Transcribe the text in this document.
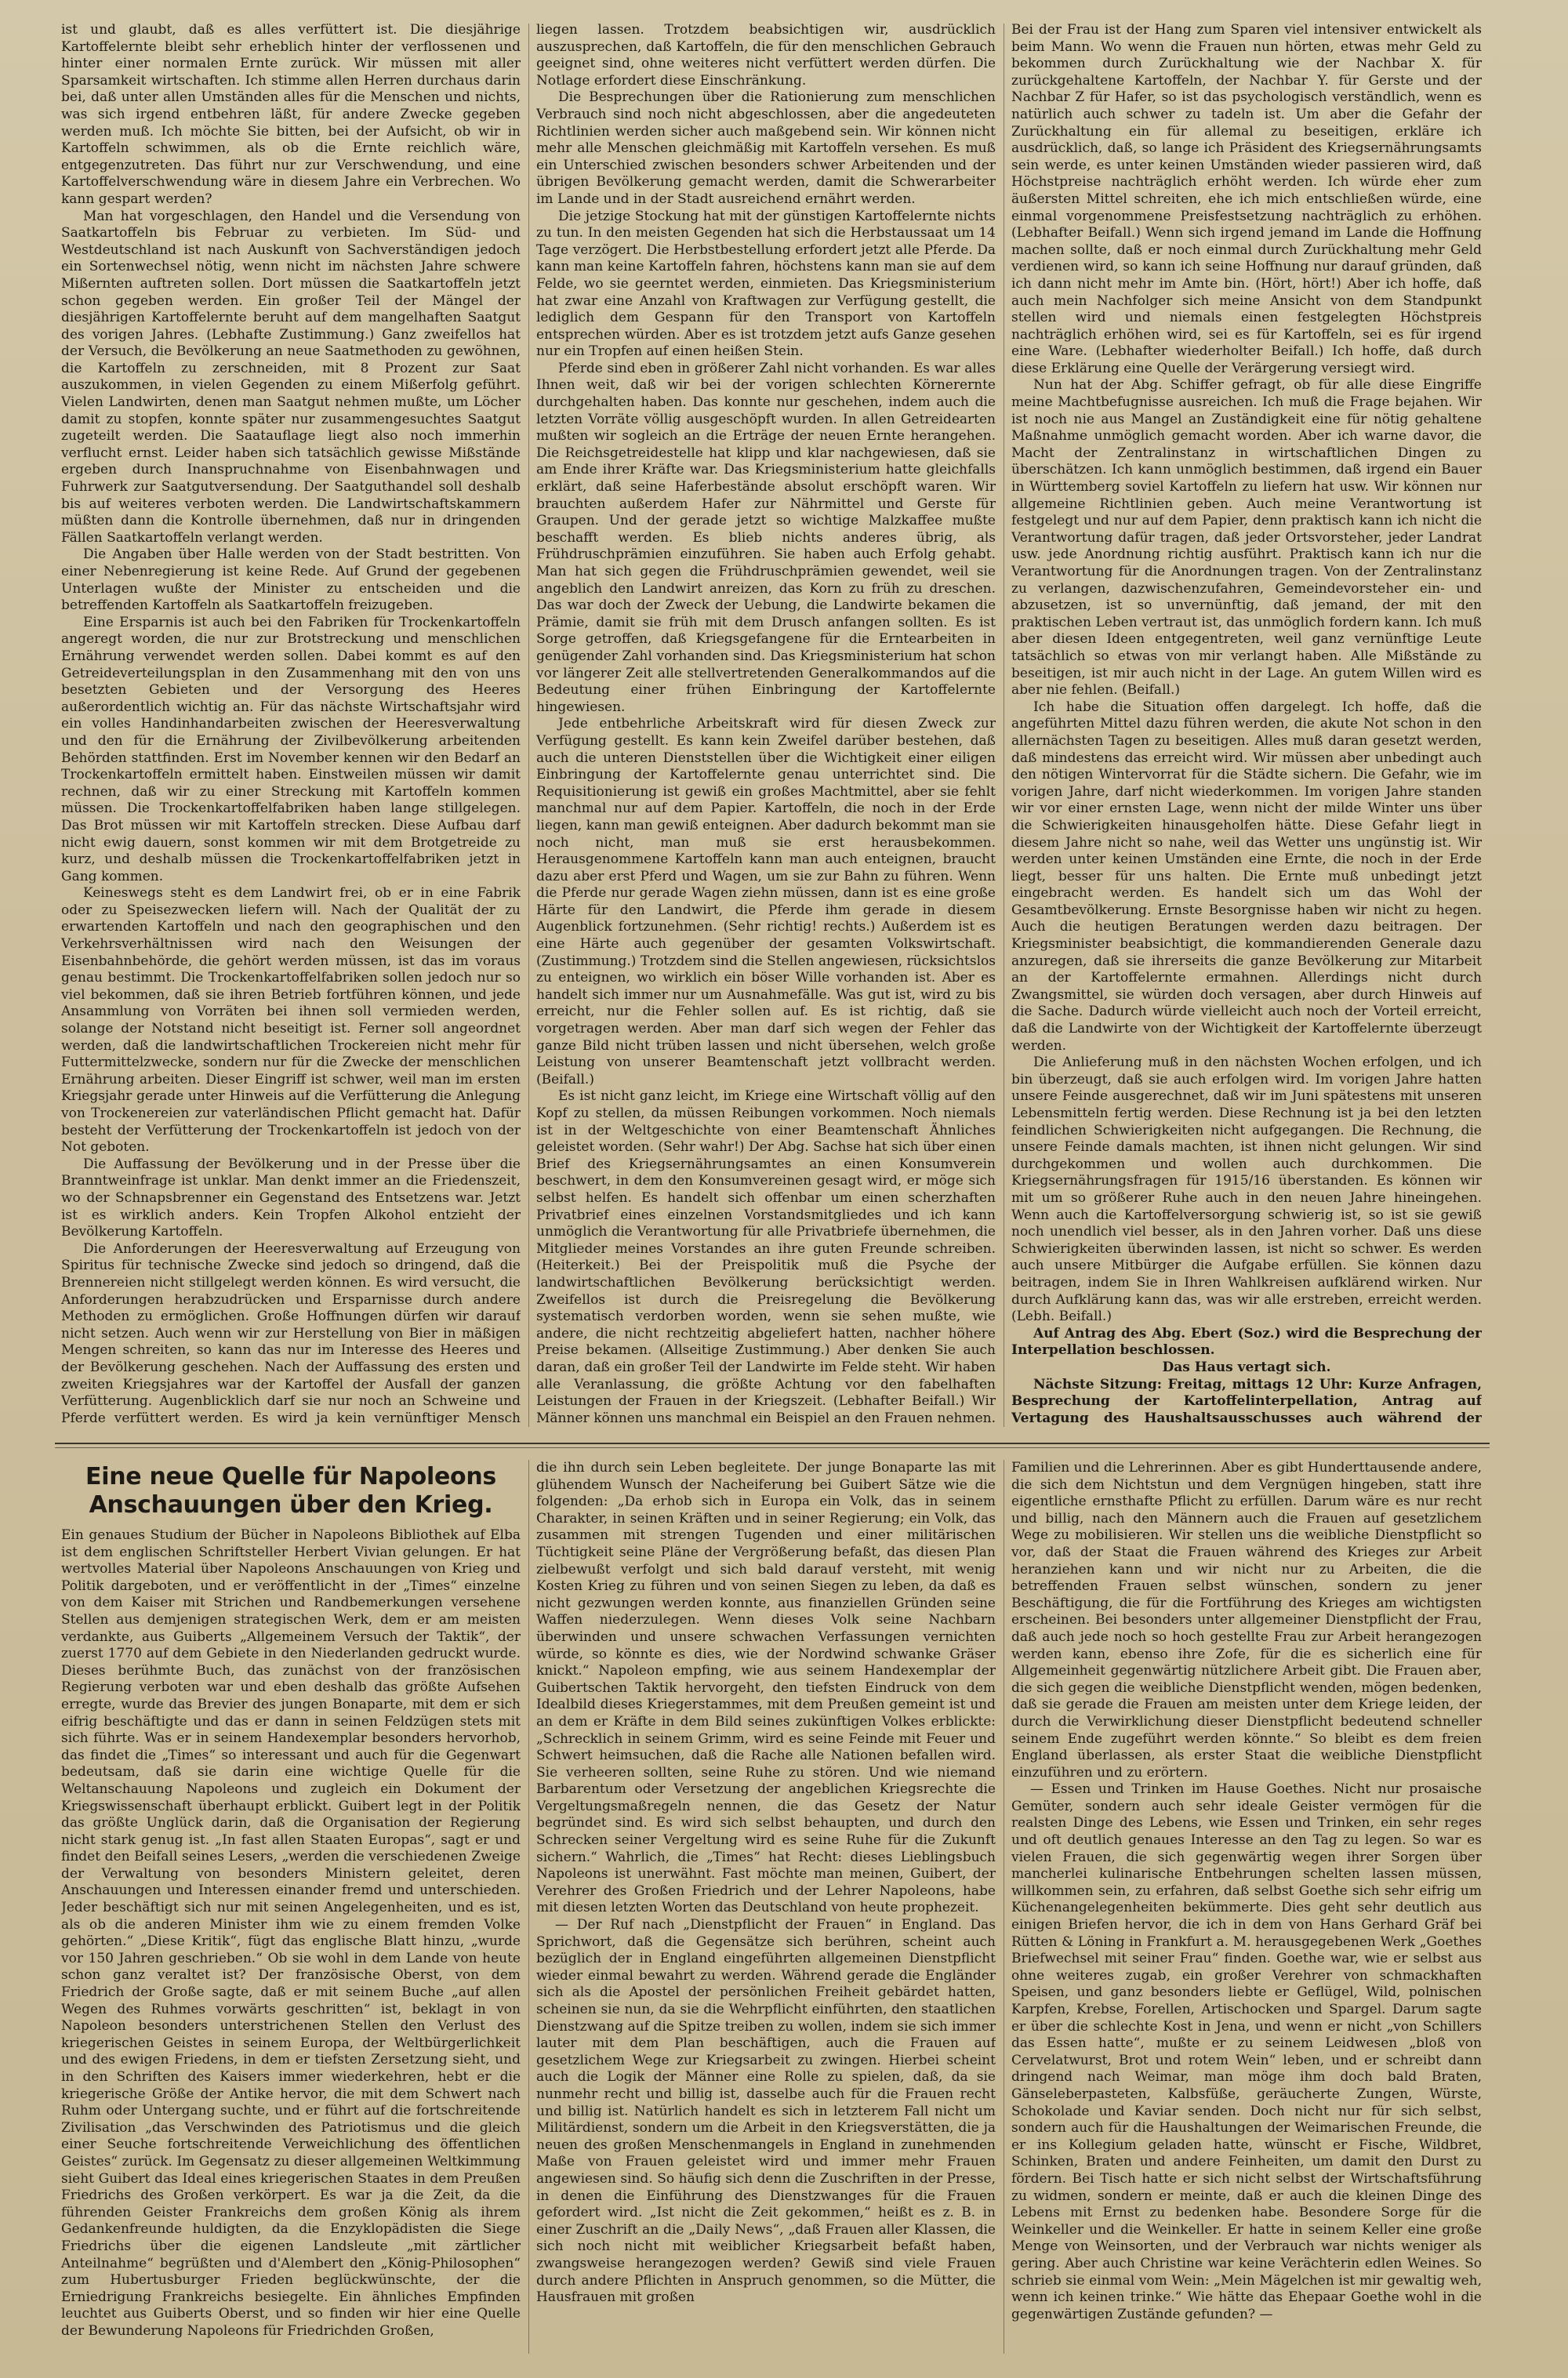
ist und glaubt, daß es alles verfüttert ist. Die diesjährige Kartoffelernte bleibt sehr erheblich hinter der verflossenen und hinter einer normalen Ernte zurück. Wir müssen mit aller Sparsamkeit wirtschaften. Ich stimme allen Herren durchaus darin bei, daß unter allen Umständen alles für die Menschen und nichts, was sich irgend entbehren läßt, für andere Zwecke gegeben werden muß. Ich möchte Sie bitten, bei der Aufsicht, ob wir in Kartoffeln schwimmen, als ob die Ernte reichlich wäre, entgegenzutreten. Das führt nur zur Verschwendung, und eine Kartoffelverschwendung wäre in diesem Jahre ein Verbrechen. Wo kann gespart werden?

Man hat vorgeschlagen, den Handel und die Versendung von Saatkartoffeln bis Februar zu verbieten. Im Süd- und Westdeutschland ist nach Auskunft von Sachverständigen jedoch ein Sortenwechsel nötig, wenn nicht im nächsten Jahre schwere Mißernten auftreten sollen. Dort müssen die Saatkartoffeln jetzt schon gegeben werden. Ein großer Teil der Mängel der diesjährigen Kartoffelernte beruht auf dem mangelhaften Saatgut des vorigen Jahres. (Lebhafte Zustimmung.) Ganz zweifellos hat der Versuch, die Bevölkerung an neue Saatmethoden zu gewöhnen, die Kartoffeln zu zerschneiden, mit 8 Prozent zur Saat auszukommen, in vielen Gegenden zu einem Mißerfolg geführt. Vielen Landwirten, denen man Saatgut nehmen mußte, um Löcher damit zu stopfen, konnte später nur zusammengesuchtes Saatgut zugeteilt werden. Die Saatauflage liegt also noch immerhin verflucht ernst. Leider haben sich tatsächlich gewisse Mißstände ergeben durch Inanspruchnahme von Eisenbahnwagen und Fuhrwerk zur Saatgutversendung. Der Saatguthandel soll deshalb bis auf weiteres verboten werden. Die Landwirtschaftskammern müßten dann die Kontrolle übernehmen, daß nur in dringenden Fällen Saatkartoffeln verlangt werden.

Die Angaben über Halle werden von der Stadt bestritten. Von einer Nebenregierung ist keine Rede. Auf Grund der gegebenen Unterlagen wußte der Minister zu entscheiden und die betreffenden Kartoffeln als Saatkartoffeln freizugeben.

Eine Ersparnis ist auch bei den Fabriken für Trockenkartoffeln angeregt worden, die nur zur Brotstreckung und menschlichen Ernährung verwendet werden sollen. Dabei kommt es auf den Getreideverteilungsplan in den Zusammenhang mit den von uns besetzten Gebieten und der Versorgung des Heeres außerordentlich wichtig an. Für das nächste Wirtschaftsjahr wird ein volles Handinhandarbeiten zwischen der Heeresverwaltung und den für die Ernährung der Zivilbevölkerung arbeitenden Behörden stattfinden. Erst im November kennen wir den Bedarf an Trockenkartoffeln ermittelt haben. Einstweilen müssen wir damit rechnen, daß wir zu einer Streckung mit Kartoffeln kommen müssen. Die Trockenkartoffelfabriken haben lange stillgelegen. Das Brot müssen wir mit Kartoffeln strecken. Diese Aufbau darf nicht ewig dauern, sonst kommen wir mit dem Brotgetreide zu kurz, und deshalb müssen die Trockenkartoffelfabriken jetzt in Gang kommen.

Keineswegs steht es dem Landwirt frei, ob er in eine Fabrik oder zu Speisezwecken liefern will. Nach der Qualität der zu erwartenden Kartoffeln und nach den geographischen und den Verkehrsverhältnissen wird nach den Weisungen der Eisenbahnbehörde, die gehört werden müssen, ist das im voraus genau bestimmt. Die Trockenkartoffelfabriken sollen jedoch nur so viel bekommen, daß sie ihren Betrieb fortführen können, und jede Ansammlung von Vorräten bei ihnen soll vermieden werden, solange der Notstand nicht beseitigt ist. Ferner soll angeordnet werden, daß die landwirtschaftlichen Trockereien nicht mehr für Futtermittelzwecke, sondern nur für die Zwecke der menschlichen Ernährung arbeiten. Dieser Eingriff ist schwer, weil man im ersten Kriegsjahr gerade unter Hinweis auf die Verfütterung die Anlegung von Trockenereien zur vaterländischen Pflicht gemacht hat. Dafür besteht der Verfütterung der Trockenkartoffeln ist jedoch von der Not geboten.

Die Auffassung der Bevölkerung und in der Presse über die Branntweinfrage ist unklar. Man denkt immer an die Friedenszeit, wo der Schnapsbrenner ein Gegenstand des Entsetzens war. Jetzt ist es wirklich anders. Kein Tropfen Alkohol entzieht der Bevölkerung Kartoffeln.

Die Anforderungen der Heeresverwaltung auf Erzeugung von Spiritus für technische Zwecke sind jedoch so dringend, daß die Brennereien nicht stillgelegt werden können. Es wird versucht, die Anforderungen herabzudrücken und Ersparnisse durch andere Methoden zu ermöglichen. Große Hoffnungen dürfen wir darauf nicht setzen. Auch wenn wir zur Herstellung von Bier in mäßigen Mengen schreiten, so kann das nur im Interesse des Heeres und der Bevölkerung geschehen. Nach der Auffassung des ersten und zweiten Kriegsjahres war der Kartoffel der Ausfall der ganzen Verfütterung. Augenblicklich darf sie nur noch an Schweine und Pferde verfüttert werden. Es wird ja kein vernünftiger Mensch

liegen lassen. Trotzdem beabsichtigen wir, ausdrücklich auszusprechen, daß Kartoffeln, die für den menschlichen Gebrauch geeignet sind, ohne weiteres nicht verfüttert werden dürfen. Die Notlage erfordert diese Einschränkung.

Die Besprechungen über die Rationierung zum menschlichen Verbrauch sind noch nicht abgeschlossen, aber die angedeuteten Richtlinien werden sicher auch maßgebend sein. Wir können nicht mehr alle Menschen gleichmäßig mit Kartoffeln versehen. Es muß ein Unterschied zwischen besonders schwer Arbeitenden und der übrigen Bevölkerung gemacht werden, damit die Schwerarbeiter im Lande und in der Stadt ausreichend ernährt werden.

Die jetzige Stockung hat mit der günstigen Kartoffelernte nichts zu tun. In den meisten Gegenden hat sich die Herbstaussaat um 14 Tage verzögert. Die Herbstbestellung erfordert jetzt alle Pferde. Da kann man keine Kartoffeln fahren, höchstens kann man sie auf dem Felde, wo sie geerntet werden, einmieten. Das Kriegsministerium hat zwar eine Anzahl von Kraftwagen zur Verfügung gestellt, die lediglich dem Gespann für den Transport von Kartoffeln entsprechen würden. Aber es ist trotzdem jetzt aufs Ganze gesehen nur ein Tropfen auf einen heißen Stein.

Pferde sind eben in größerer Zahl nicht vorhanden. Es war alles Ihnen weit, daß wir bei der vorigen schlechten Körnerernte durchgehalten haben. Das konnte nur geschehen, indem auch die letzten Vorräte völlig ausgeschöpft wurden. In allen Getreidearten mußten wir sogleich an die Erträge der neuen Ernte herangehen. Die Reichsgetreidestelle hat klipp und klar nachgewiesen, daß sie am Ende ihrer Kräfte war. Das Kriegsministerium hatte gleichfalls erklärt, daß seine Haferbestände absolut erschöpft waren. Wir brauchten außerdem Hafer zur Nährmittel und Gerste für Graupen. Und der gerade jetzt so wichtige Malzkaffee mußte beschafft werden. Es blieb nichts anderes übrig, als Frühdruschprämien einzuführen. Sie haben auch Erfolg gehabt. Man hat sich gegen die Frühdruschprämien gewendet, weil sie angeblich den Landwirt anreizen, das Korn zu früh zu dreschen. Das war doch der Zweck der Uebung, die Landwirte bekamen die Prämie, damit sie früh mit dem Drusch anfangen sollten. Es ist Sorge getroffen, daß Kriegsgefangene für die Erntearbeiten in genügender Zahl vorhanden sind. Das Kriegsministerium hat schon vor längerer Zeit alle stellvertretenden Generalkommandos auf die Bedeutung einer frühen Einbringung der Kartoffelernte hingewiesen.

Jede entbehrliche Arbeitskraft wird für diesen Zweck zur Verfügung gestellt. Es kann kein Zweifel darüber bestehen, daß auch die unteren Dienststellen über die Wichtigkeit einer eiligen Einbringung der Kartoffelernte genau unterrichtet sind. Die Requisitionierung ist gewiß ein großes Machtmittel, aber sie fehlt manchmal nur auf dem Papier. Kartoffeln, die noch in der Erde liegen, kann man gewiß enteignen. Aber dadurch bekommt man sie noch nicht, man muß sie erst herausbekommen. Herausgenommene Kartoffeln kann man auch enteignen, braucht dazu aber erst Pferd und Wagen, um sie zur Bahn zu führen. Wenn die Pferde nur gerade Wagen ziehn müssen, dann ist es eine große Härte für den Landwirt, die Pferde ihm gerade in diesem Augenblick fortzunehmen. (Sehr richtig! rechts.) Außerdem ist es eine Härte auch gegenüber der gesamten Volkswirtschaft. (Zustimmung.) Trotzdem sind die Stellen angewiesen, rücksichtslos zu enteignen, wo wirklich ein böser Wille vorhanden ist. Aber es handelt sich immer nur um Ausnahmefälle. Was gut ist, wird zu bis erreicht, nur die Fehler sollen auf. Es ist richtig, daß sie vorgetragen werden. Aber man darf sich wegen der Fehler das ganze Bild nicht trüben lassen und nicht übersehen, welch große Leistung von unserer Beamtenschaft jetzt vollbracht werden. (Beifall.)

Es ist nicht ganz leicht, im Kriege eine Wirtschaft völlig auf den Kopf zu stellen, da müssen Reibungen vorkommen. Noch niemals ist in der Weltgeschichte von einer Beamtenschaft Ähnliches geleistet worden. (Sehr wahr!) Der Abg. Sachse hat sich über einen Brief des Kriegsernährungsamtes an einen Konsumverein beschwert, in dem den Konsumvereinen gesagt wird, er möge sich selbst helfen. Es handelt sich offenbar um einen scherzhaften Privatbrief eines einzelnen Vorstandsmitgliedes und ich kann unmöglich die Verantwortung für alle Privatbriefe übernehmen, die Mitglieder meines Vorstandes an ihre guten Freunde schreiben. (Heiterkeit.) Bei der Preispolitik muß die Psyche der landwirtschaftlichen Bevölkerung berücksichtigt werden. Zweifellos ist durch die Preisregelung die Bevölkerung systematisch verdorben worden, wenn sie sehen mußte, wie andere, die nicht rechtzeitig abgeliefert hatten, nachher höhere Preise bekamen. (Allseitige Zustimmung.) Aber denken Sie auch daran, daß ein großer Teil der Landwirte im Felde steht. Wir haben alle Veranlassung, die größte Achtung vor den fabelhaften Leistungen der Frauen in der Kriegszeit. (Lebhafter Beifall.) Wir Männer können uns manchmal ein Beispiel an den Frauen nehmen.

Bei der Frau ist der Hang zum Sparen viel intensiver entwickelt als beim Mann. Wo wenn die Frauen nun hörten, etwas mehr Geld zu bekommen durch Zurückhaltung wie der Nachbar X. für zurückgehaltene Kartoffeln, der Nachbar Y. für Gerste und der Nachbar Z für Hafer, so ist das psychologisch verständlich, wenn es natürlich auch schwer zu tadeln ist. Um aber die Gefahr der Zurückhaltung ein für allemal zu beseitigen, erkläre ich ausdrücklich, daß, so lange ich Präsident des Kriegsernährungsamts sein werde, es unter keinen Umständen wieder passieren wird, daß Höchstpreise nachträglich erhöht werden. Ich würde eher zum äußersten Mittel schreiten, ehe ich mich entschließen würde, eine einmal vorgenommene Preisfestsetzung nachträglich zu erhöhen. (Lebhafter Beifall.) Wenn sich irgend jemand im Lande die Hoffnung machen sollte, daß er noch einmal durch Zurückhaltung mehr Geld verdienen wird, so kann ich seine Hoffnung nur darauf gründen, daß ich dann nicht mehr im Amte bin. (Hört, hört!) Aber ich hoffe, daß auch mein Nachfolger sich meine Ansicht von dem Standpunkt stellen wird und niemals einen festgelegten Höchstpreis nachträglich erhöhen wird, sei es für Kartoffeln, sei es für irgend eine Ware. (Lebhafter wiederholter Beifall.) Ich hoffe, daß durch diese Erklärung eine Quelle der Verärgerung versiegt wird.

Nun hat der Abg. Schiffer gefragt, ob für alle diese Eingriffe meine Machtbefugnisse ausreichen. Ich muß die Frage bejahen. Wir ist noch nie aus Mangel an Zuständigkeit eine für nötig gehaltene Maßnahme unmöglich gemacht worden. Aber ich warne davor, die Macht der Zentralinstanz in wirtschaftlichen Dingen zu überschätzen. Ich kann unmöglich bestimmen, daß irgend ein Bauer in Württemberg soviel Kartoffeln zu liefern hat usw. Wir können nur allgemeine Richtlinien geben. Auch meine Verantwortung ist festgelegt und nur auf dem Papier, denn praktisch kann ich nicht die Verantwortung dafür tragen, daß jeder Ortsvorsteher, jeder Landrat usw. jede Anordnung richtig ausführt. Praktisch kann ich nur die Verantwortung für die Anordnungen tragen. Von der Zentralinstanz zu verlangen, dazwischenzufahren, Gemeindevorsteher ein- und abzusetzen, ist so unvernünftig, daß jemand, der mit den praktischen Leben vertraut ist, das unmöglich fordern kann. Ich muß aber diesen Ideen entgegentreten, weil ganz vernünftige Leute tatsächlich so etwas von mir verlangt haben. Alle Mißstände zu beseitigen, ist mir auch nicht in der Lage. An gutem Willen wird es aber nie fehlen. (Beifall.)

Ich habe die Situation offen dargelegt. Ich hoffe, daß die angeführten Mittel dazu führen werden, die akute Not schon in den allernächsten Tagen zu beseitigen. Alles muß daran gesetzt werden, daß mindestens das erreicht wird. Wir müssen aber unbedingt auch den nötigen Wintervorrat für die Städte sichern. Die Gefahr, wie im vorigen Jahre, darf nicht wiederkommen. Im vorigen Jahre standen wir vor einer ernsten Lage, wenn nicht der milde Winter uns über die Schwierigkeiten hinausgeholfen hätte. Diese Gefahr liegt in diesem Jahre nicht so nahe, weil das Wetter uns ungünstig ist. Wir werden unter keinen Umständen eine Ernte, die noch in der Erde liegt, besser für uns halten. Die Ernte muß unbedingt jetzt eingebracht werden. Es handelt sich um das Wohl der Gesamtbevölkerung. Ernste Besorgnisse haben wir nicht zu hegen. Auch die heutigen Beratungen werden dazu beitragen. Der Kriegsminister beabsichtigt, die kommandierenden Generale dazu anzuregen, daß sie ihrerseits die ganze Bevölkerung zur Mitarbeit an der Kartoffelernte ermahnen. Allerdings nicht durch Zwangsmittel, sie würden doch versagen, aber durch Hinweis auf die Sache. Dadurch würde vielleicht auch noch der Vorteil erreicht, daß die Landwirte von der Wichtigkeit der Kartoffelernte überzeugt werden.

Die Anlieferung muß in den nächsten Wochen erfolgen, und ich bin überzeugt, daß sie auch erfolgen wird. Im vorigen Jahre hatten unsere Feinde ausgerechnet, daß wir im Juni spätestens mit unseren Lebensmitteln fertig werden. Diese Rechnung ist ja bei den letzten feindlichen Schwierigkeiten nicht aufgegangen. Die Rechnung, die unsere Feinde damals machten, ist ihnen nicht gelungen. Wir sind durchgekommen und wollen auch durchkommen. Die Kriegsernährungsfragen für 1915/16 überstanden. Es können wir mit um so größerer Ruhe auch in den neuen Jahre hineingehen. Wenn auch die Kartoffelversorgung schwierig ist, so ist sie gewiß noch unendlich viel besser, als in den Jahren vorher. Daß uns diese Schwierigkeiten überwinden lassen, ist nicht so schwer. Es werden auch unsere Mitbürger die Aufgabe erfüllen. Sie können dazu beitragen, indem Sie in Ihren Wahlkreisen aufklärend wirken. Nur durch Aufklärung kann das, was wir alle erstreben, erreicht werden. (Lebh. Beifall.)

Auf Antrag des Abg. Ebert (Soz.) wird die Besprechung der Interpellation beschlossen.

Das Haus vertagt sich.

Nächste Sitzung: Freitag, mittags 12 Uhr: Kurze Anfragen, Besprechung der Kartoffelinterpellation, Antrag auf Vertagung des Haushaltsausschusses auch während der

Eine neue Quelle für Napoleons Anschauungen über den Krieg.

Ein genaues Studium der Bücher in Napoleons Bibliothek auf Elba ist dem englischen Schriftsteller Herbert Vivian gelungen. Er hat wertvolles Material über Napoleons Anschauungen von Krieg und Politik dargeboten, und er veröffentlicht in der „Times“ einzelne von dem Kaiser mit Strichen und Randbemerkungen versehene Stellen aus demjenigen strategischen Werk, dem er am meisten verdankte, aus Guiberts „Allgemeinem Versuch der Taktik“, der zuerst 1770 auf dem Gebiete in den Niederlanden gedruckt wurde. Dieses berühmte Buch, das zunächst von der französischen Regierung verboten war und eben deshalb das größte Aufsehen erregte, wurde das Brevier des jungen Bonaparte, mit dem er sich eifrig beschäftigte und das er dann in seinen Feldzügen stets mit sich führte. Was er in seinem Handexemplar besonders hervorhob, das findet die „Times“ so interessant und auch für die Gegenwart bedeutsam, daß sie darin eine wichtige Quelle für die Weltanschauung Napoleons und zugleich ein Dokument der Kriegswissenschaft überhaupt erblickt. Guibert legt in der Politik das größte Unglück darin, daß die Organisation der Regierung nicht stark genug ist. „In fast allen Staaten Europas“, sagt er und findet den Beifall seines Lesers, „werden die verschiedenen Zweige der Verwaltung von besonders Ministern geleitet, deren Anschauungen und Interessen einander fremd und unterschieden. Jeder beschäftigt sich nur mit seinen Angelegenheiten, und es ist, als ob die anderen Minister ihm wie zu einem fremden Volke gehörten.“ „Diese Kritik“, fügt das englische Blatt hinzu, „wurde vor 150 Jahren geschrieben.“ Ob sie wohl in dem Lande von heute schon ganz veraltet ist? Der französische Oberst, von dem Friedrich der Große sagte, daß er mit seinem Buche „auf allen Wegen des Ruhmes vorwärts geschritten“ ist, beklagt in von Napoleon besonders unterstrichenen Stellen den Verlust des kriegerischen Geistes in seinem Europa, der Weltbürgerlichkeit und des ewigen Friedens, in dem er tiefsten Zersetzung sieht, und in den Schriften des Kaisers immer wiederkehren, hebt er die kriegerische Größe der Antike hervor, die mit dem Schwert nach Ruhm oder Untergang suchte, und er führt auf die fortschreitende Zivilisation „das Verschwinden des Patriotismus und die gleich einer Seuche fortschreitende Verweichlichung des öffentlichen Geistes“ zurück. Im Gegensatz zu dieser allgemeinen Weltkimmung sieht Guibert das Ideal eines kriegerischen Staates in dem Preußen Friedrichs des Großen verkörpert. Es war ja die Zeit, da die führenden Geister Frankreichs dem großen König als ihrem Gedankenfreunde huldigten, da die Enzyklopädisten die Siege Friedrichs über die eigenen Landsleute „mit zärtlicher Anteilnahme“ begrüßten und d'Alembert den „König-Philosophen“ zum Hubertusburger Frieden beglückwünschte, der die Erniedrigung Frankreichs besiegelte. Ein ähnliches Empfinden leuchtet aus Guiberts Oberst, und so finden wir hier eine Quelle der Bewunderung Napoleons für Friedrichden Großen,

die ihn durch sein Leben begleitete. Der junge Bonaparte las mit glühendem Wunsch der Nacheiferung bei Guibert Sätze wie die folgenden: „Da erhob sich in Europa ein Volk, das in seinem Charakter, in seinen Kräften und in seiner Regierung; ein Volk, das zusammen mit strengen Tugenden und einer militärischen Tüchtigkeit seine Pläne der Vergrößerung befaßt, das diesen Plan zielbewußt verfolgt und sich bald darauf versteht, mit wenig Kosten Krieg zu führen und von seinen Siegen zu leben, da daß es nicht gezwungen werden konnte, aus finanziellen Gründen seine Waffen niederzulegen. Wenn dieses Volk seine Nachbarn überwinden und unsere schwachen Verfassungen vernichten würde, so könnte es dies, wie der Nordwind schwanke Gräser knickt.“ Napoleon empfing, wie aus seinem Handexemplar der Guibertschen Taktik hervorgeht, den tiefsten Eindruck von dem Idealbild dieses Kriegerstammes, mit dem Preußen gemeint ist und an dem er Kräfte in dem Bild seines zukünftigen Volkes erblickte: „Schrecklich in seinem Grimm, wird es seine Feinde mit Feuer und Schwert heimsuchen, daß die Rache alle Nationen befallen wird. Sie verheeren sollten, seine Ruhe zu stören. Und wie niemand Barbarentum oder Versetzung der angeblichen Kriegsrechte die Vergeltungsmaßregeln nennen, die das Gesetz der Natur begründet sind. Es wird sich selbst behaupten, und durch den Schrecken seiner Vergeltung wird es seine Ruhe für die Zukunft sichern.“ Wahrlich, die „Times“ hat Recht: dieses Lieblingsbuch Napoleons ist unerwähnt. Fast möchte man meinen, Guibert, der Verehrer des Großen Friedrich und der Lehrer Napoleons, habe mit diesen letzten Worten das Deutschland von heute prophezeit.

— Der Ruf nach „Dienstpflicht der Frauen“ in England. Das Sprichwort, daß die Gegensätze sich berühren, scheint auch bezüglich der in England eingeführten allgemeinen Dienstpflicht wieder einmal bewahrt zu werden. Während gerade die Engländer sich als die Apostel der persönlichen Freiheit gebärdet hatten, scheinen sie nun, da sie die Wehrpflicht einführten, den staatlichen Dienstzwang auf die Spitze treiben zu wollen, indem sie sich immer lauter mit dem Plan beschäftigen, auch die Frauen auf gesetzlichem Wege zur Kriegsarbeit zu zwingen. Hierbei scheint auch die Logik der Männer eine Rolle zu spielen, daß, da sie nunmehr recht und billig ist, dasselbe auch für die Frauen recht und billig ist. Natürlich handelt es sich in letzterem Fall nicht um Militärdienst, sondern um die Arbeit in den Kriegsverstätten, die ja neuen des großen Menschenmangels in England in zunehmenden Maße von Frauen geleistet wird und immer mehr Frauen angewiesen sind. So häufig sich denn die Zuschriften in der Presse, in denen die Einführung des Dienstzwanges für die Frauen gefordert wird. „Ist nicht die Zeit gekommen,“ heißt es z. B. in einer Zuschrift an die „Daily News“, „daß Frauen aller Klassen, die sich noch nicht mit weiblicher Kriegsarbeit befaßt haben, zwangsweise herangezogen werden? Gewiß sind viele Frauen durch andere Pflichten in Anspruch genommen, so die Mütter, die Hausfrauen mit großen

Familien und die Lehrerinnen. Aber es gibt Hunderttausende andere, die sich dem Nichtstun und dem Vergnügen hingeben, statt ihre eigentliche ernsthafte Pflicht zu erfüllen. Darum wäre es nur recht und billig, nach den Männern auch die Frauen auf gesetzlichem Wege zu mobilisieren. Wir stellen uns die weibliche Dienstpflicht so vor, daß der Staat die Frauen während des Krieges zur Arbeit heranziehen kann und wir nicht nur zu Arbeiten, die die betreffenden Frauen selbst wünschen, sondern zu jener Beschäftigung, die für die Fortführung des Krieges am wichtigsten erscheinen. Bei besonders unter allgemeiner Dienstpflicht der Frau, daß auch jede noch so hoch gestellte Frau zur Arbeit herangezogen werden kann, ebenso ihre Zofe, für die es sicherlich eine für Allgemeinheit gegenwärtig nützlichere Arbeit gibt. Die Frauen aber, die sich gegen die weibliche Dienstpflicht wenden, mögen bedenken, daß sie gerade die Frauen am meisten unter dem Kriege leiden, der durch die Verwirklichung dieser Dienstpflicht bedeutend schneller seinem Ende zugeführt werden könnte.“ So bleibt es dem freien England überlassen, als erster Staat die weibliche Dienstpflicht einzuführen und zu erörtern.

— Essen und Trinken im Hause Goethes. Nicht nur prosaische Gemüter, sondern auch sehr ideale Geister vermögen für die realsten Dinge des Lebens, wie Essen und Trinken, ein sehr reges und oft deutlich genaues Interesse an den Tag zu legen. So war es vielen Frauen, die sich gegenwärtig wegen ihrer Sorgen über mancherlei kulinarische Entbehrungen schelten lassen müssen, willkommen sein, zu erfahren, daß selbst Goethe sich sehr eifrig um Küchenangelegenheiten bekümmerte. Dies geht sehr deutlich aus einigen Briefen hervor, die ich in dem von Hans Gerhard Gräf bei Rütten & Löning in Frankfurt a. M. herausgegebenen Werk „Goethes Briefwechsel mit seiner Frau“ finden. Goethe war, wie er selbst aus ohne weiteres zugab, ein großer Verehrer von schmackhaften Speisen, und ganz besonders liebte er Geflügel, Wild, polnischen Karpfen, Krebse, Forellen, Artischocken und Spargel. Darum sagte er über die schlechte Kost in Jena, und wenn er nicht „von Schillers das Essen hatte“, mußte er zu seinem Leidwesen „bloß von Cervelatwurst, Brot und rotem Wein“ leben, und er schreibt dann dringend nach Weimar, man möge ihm doch bald Braten, Gänseleberpasteten, Kalbsfüße, geräucherte Zungen, Würste, Schokolade und Kaviar senden. Doch nicht nur für sich selbst, sondern auch für die Haushaltungen der Weimarischen Freunde, die er ins Kollegium geladen hatte, wünscht er Fische, Wildbret, Schinken, Braten und andere Feinheiten, um damit den Durst zu fördern. Bei Tisch hatte er sich nicht selbst der Wirtschaftsführung zu widmen, sondern er meinte, daß er auch die kleinen Dinge des Lebens mit Ernst zu bedenken habe. Besondere Sorge für die Weinkeller und die Weinkeller. Er hatte in seinem Keller eine große Menge von Weinsorten, und der Verbrauch war nichts weniger als gering. Aber auch Christine war keine Verächterin edlen Weines. So schrieb sie einmal vom Wein: „Mein Mägelchen ist mir gewaltig weh, wenn ich keinen trinke.“ Wie hätte das Ehepaar Goethe wohl in die gegenwärtigen Zustände gefunden? —
